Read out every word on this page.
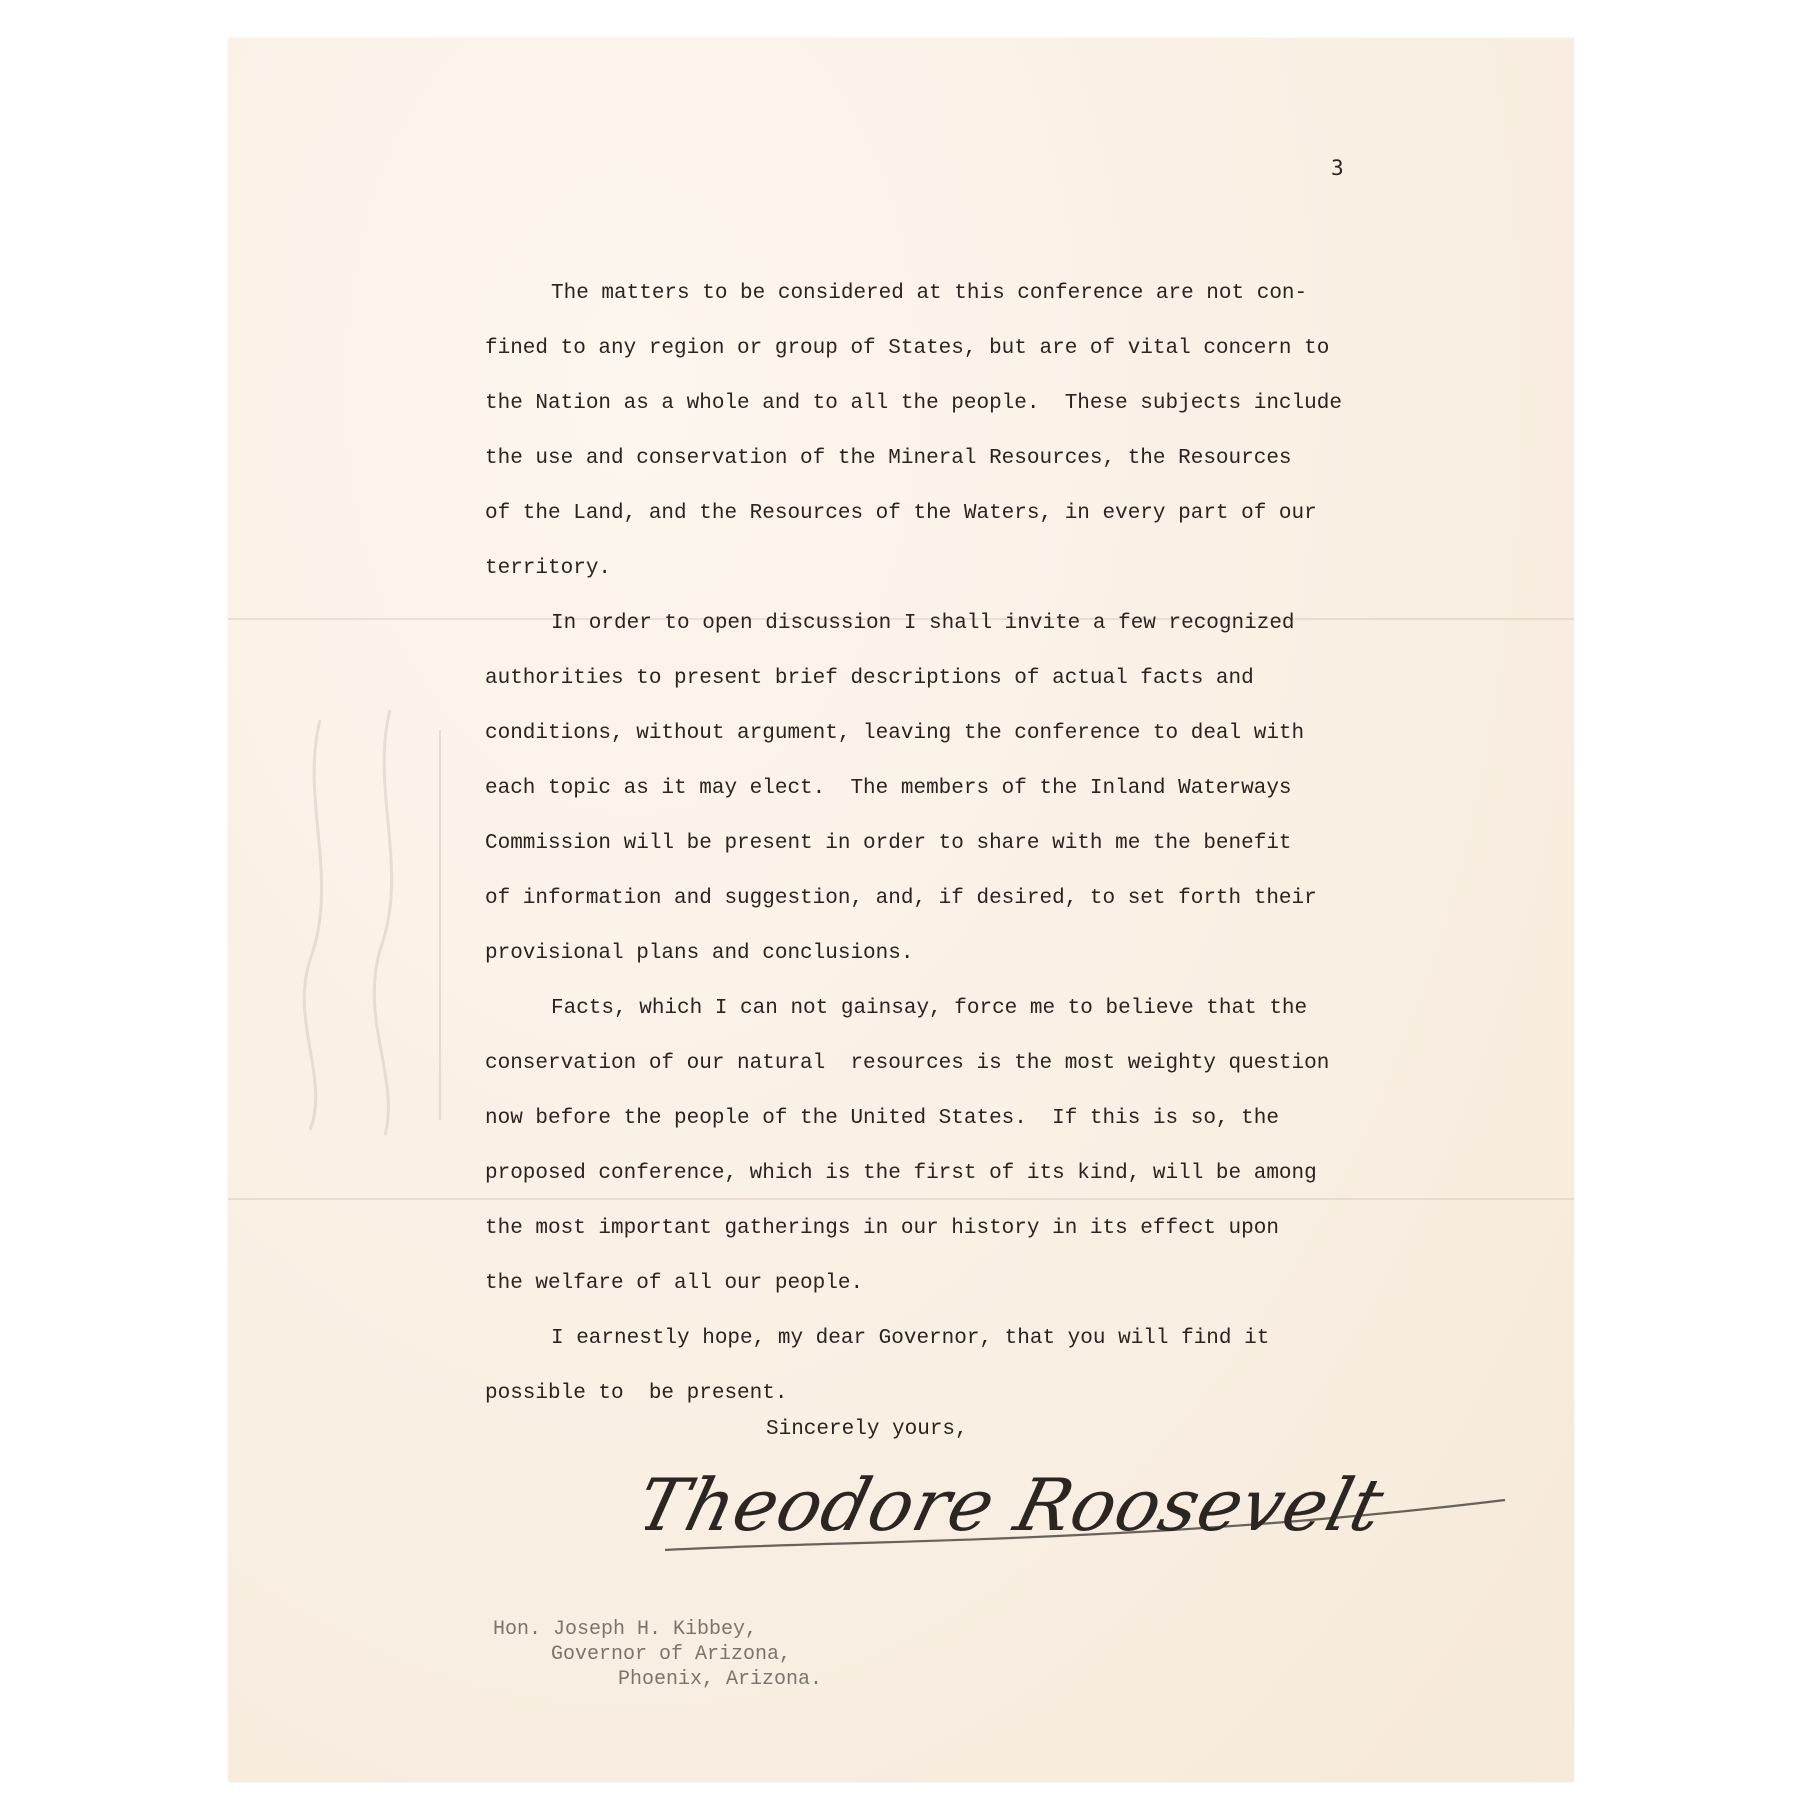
3

The matters to be considered at this conference are not con-
fined to any region or group of States, but are of vital concern to
the Nation as a whole and to all the people.  These subjects include
the use and conservation of the Mineral Resources, the Resources
of the Land, and the Resources of the Waters, in every part of our
territory.

In order to open discussion I shall invite a few recognized
authorities to present brief descriptions of actual facts and
conditions, without argument, leaving the conference to deal with
each topic as it may elect.  The members of the Inland Waterways
Commission will be present in order to share with me the benefit
of information and suggestion, and, if desired, to set forth their
provisional plans and conclusions.

Facts, which I can not gainsay, force me to believe that the
conservation of our natural  resources is the most weighty question
now before the people of the United States.  If this is so, the
proposed conference, which is the first of its kind, will be among
the most important gatherings in our history in its effect upon
the welfare of all our people.

I earnestly hope, my dear Governor, that you will find it
possible to  be present.

Sincerely yours,
Theodore Roosevelt
Hon. Joseph H. Kibbey,
Governor of Arizona,
Phoenix, Arizona.
